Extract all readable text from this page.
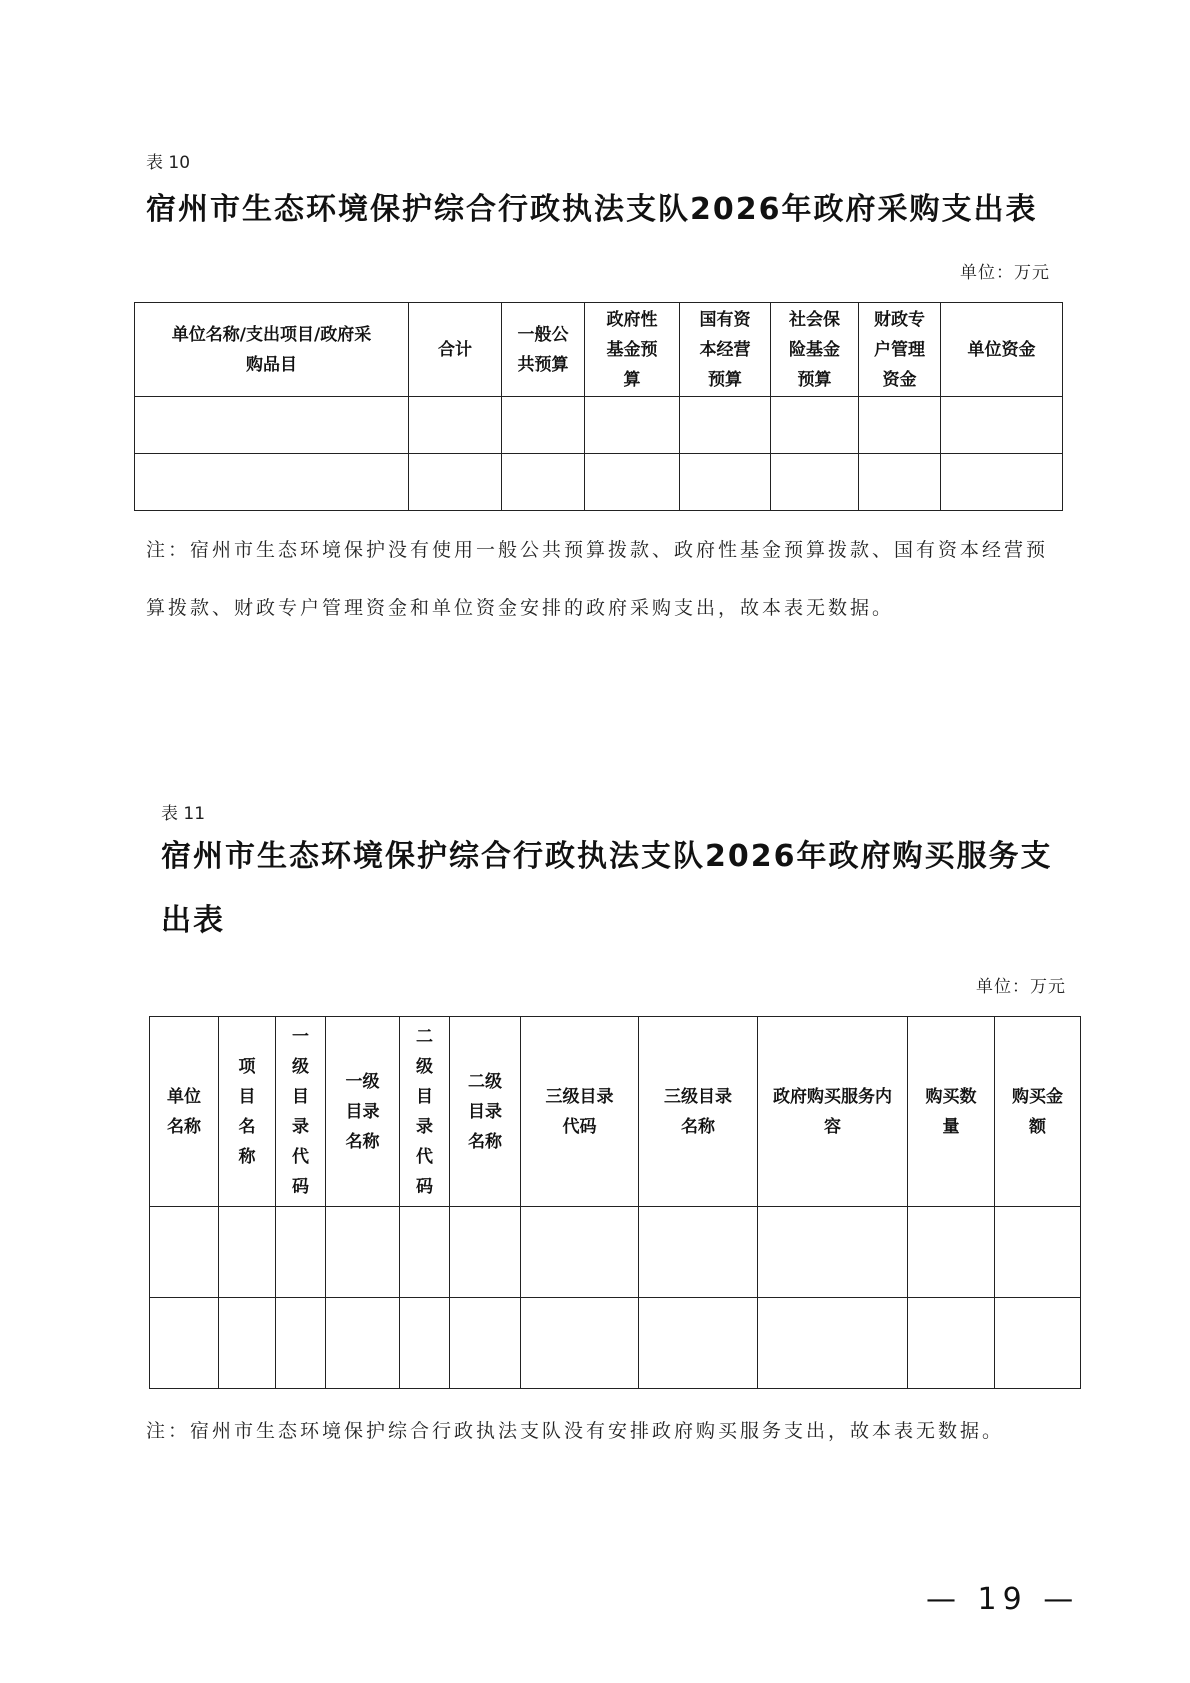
表 10
宿州市生态环境保护综合行政执法支队2026年政府采购支出表
单位：万元
单位名称/支出项目/政府采购品目	合计	一般公共预算	政府性基金预算	国有资本经营预算	社会保险基金预算	财政专户管理资金	单位资金

注：宿州市生态环境保护没有使用一般公共预算拨款、政府性基金预算拨款、国有资本经营预算拨款、财政专户管理资金和单位资金安排的政府采购支出，故本表无数据。
表 11
宿州市生态环境保护综合行政执法支队2026年政府购买服务支出表
单位：万元
单位名称	项目名称	一级目录代码	一级目录名称	二级目录代码	二级目录名称	三级目录代码	三级目录名称	政府购买服务内容	购买数量	购买金额

注：宿州市生态环境保护综合行政执法支队没有安排政府购买服务支出，故本表无数据。
— 19 —
